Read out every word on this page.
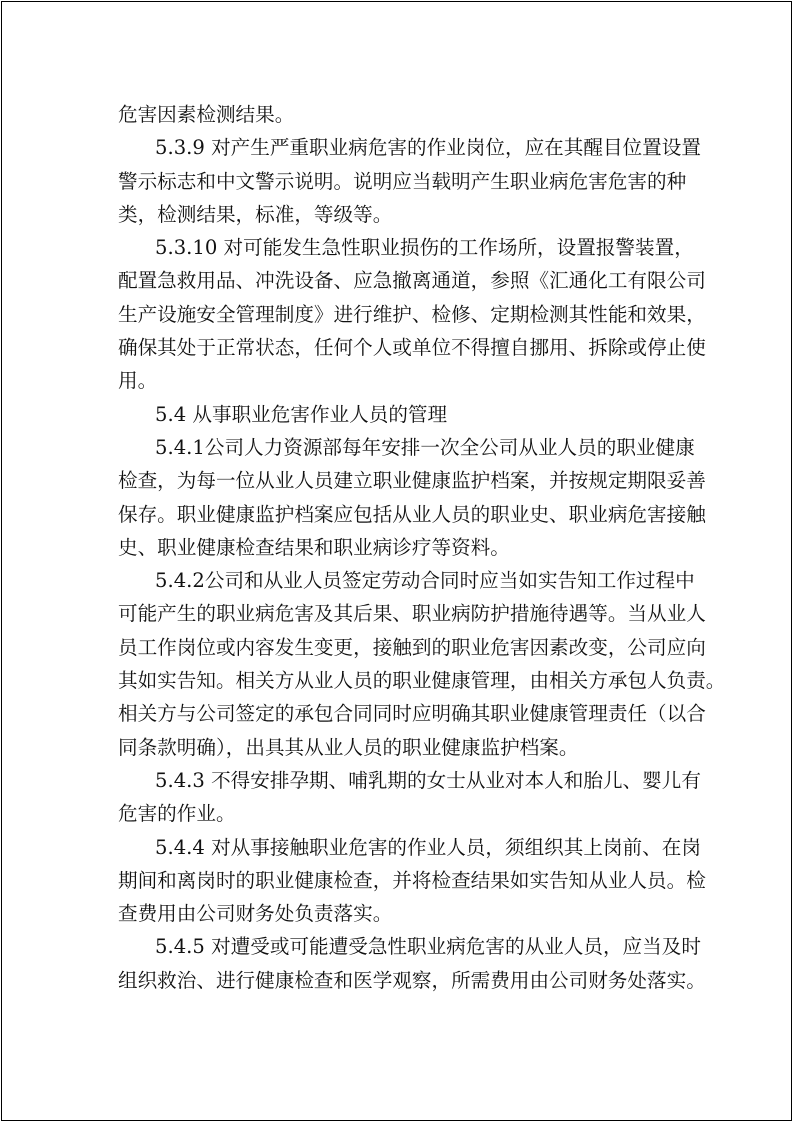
危害因素检测结果。
5.3.9 对产生严重职业病危害的作业岗位，应在其醒目位置设置
警示标志和中文警示说明。说明应当载明产生职业病危害危害的种
类，检测结果，标准，等级等。
5.3.10 对可能发生急性职业损伤的工作场所，设置报警装置，
配置急救用品、冲洗设备、应急撤离通道，参照《汇通化工有限公司
生产设施安全管理制度》进行维护、检修、定期检测其性能和效果，
确保其处于正常状态，任何个人或单位不得擅自挪用、拆除或停止使
用。
5.4 从事职业危害作业人员的管理
5.4.1公司人力资源部每年安排一次全公司从业人员的职业健康
检查，为每一位从业人员建立职业健康监护档案，并按规定期限妥善
保存。职业健康监护档案应包括从业人员的职业史、职业病危害接触
史、职业健康检查结果和职业病诊疗等资料。
5.4.2公司和从业人员签定劳动合同时应当如实告知工作过程中
可能产生的职业病危害及其后果、职业病防护措施待遇等。当从业人
员工作岗位或内容发生变更，接触到的职业危害因素改变，公司应向
其如实告知。相关方从业人员的职业健康管理，由相关方承包人负责。
相关方与公司签定的承包合同同时应明确其职业健康管理责任（以合
同条款明确），出具其从业人员的职业健康监护档案。
5.4.3 不得安排孕期、哺乳期的女士从业对本人和胎儿、婴儿有
危害的作业。
5.4.4 对从事接触职业危害的作业人员，须组织其上岗前、在岗
期间和离岗时的职业健康检查，并将检查结果如实告知从业人员。检
查费用由公司财务处负责落实。
5.4.5 对遭受或可能遭受急性职业病危害的从业人员，应当及时
组织救治、进行健康检查和医学观察，所需费用由公司财务处落实。
